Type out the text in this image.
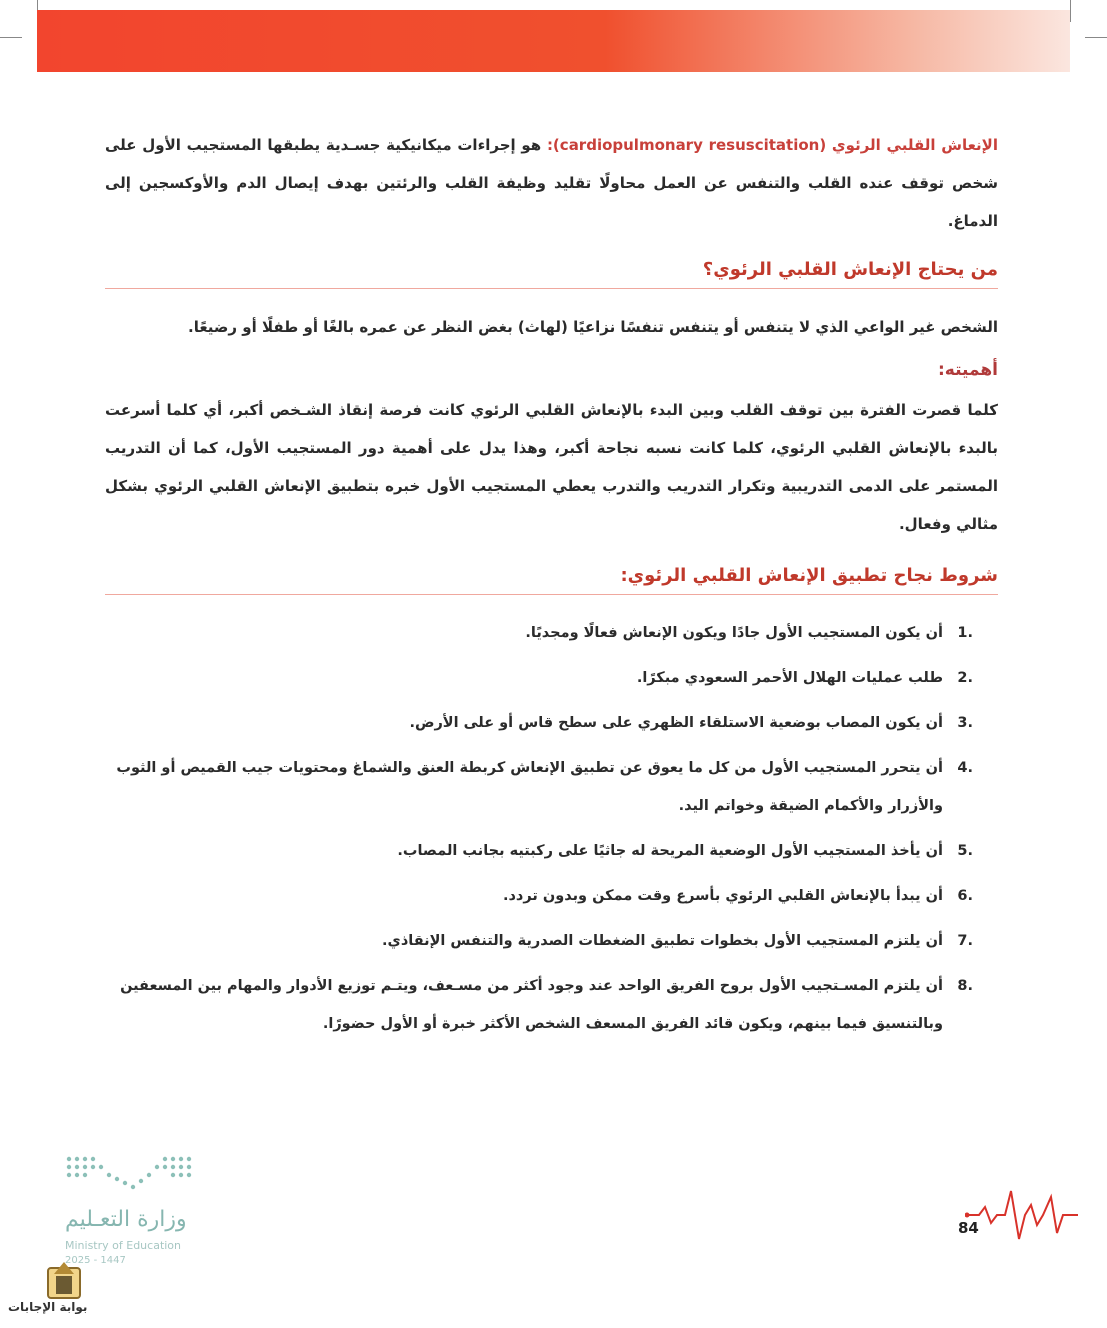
الإنعاش القلبي الرئوي (cardiopulmonary resuscitation): هو إجراءات ميكانيكية جسـدية يطبقها المستجيب الأول على شخص توقف عنده القلب والتنفس عن العمل محاولًا تقليد وظيفة القلب والرئتين بهدف إيصال الدم والأوكسجين إلى الدماغ.

من يحتاج الإنعاش القلبي الرئوي؟

الشخص غير الواعي الذي لا يتنفس أو يتنفس تنفسًا نزاعيًا (لهاث) بغض النظر عن عمره بالغًا أو طفلًا أو رضيعًا.

أهميته:

كلما قصرت الفترة بين توقف القلب وبين البدء بالإنعاش القلبي الرئوي كانت فرصة إنقاذ الشـخص أكبر، أي كلما أسرعت بالبدء بالإنعاش القلبي الرئوي، كلما كانت نسبه نجاحة أكبر، وهذا يدل على أهمية دور المستجيب الأول، كما أن التدريب المستمر على الدمى التدريبية وتكرار التدريب والتدرب يعطي المستجيب الأول خبره بتطبيق الإنعاش القلبي الرئوي بشكل مثالي وفعال.

شروط نجاح تطبيق الإنعاش القلبي الرئوي:
1.
أن يكون المستجيب الأول جادًا ويكون الإنعاش فعالًا ومجديًا.
2.
طلب عمليات الهلال الأحمر السعودي مبكرًا.
3.
أن يكون المصاب بوضعية الاستلقاء الظهري على سطح قاس أو على الأرض.
4.
أن يتحرر المستجيب الأول من كل ما يعوق عن تطبيق الإنعاش كربطة العنق والشماغ ومحتويات جيب القميص أو الثوب والأزرار والأكمام الضيقة وخواتم اليد.
5.
أن يأخذ المستجيب الأول الوضعية المريحة له جاثيًا على ركبتيه بجانب المصاب.
6.
أن يبدأ بالإنعاش القلبي الرئوي بأسرع وقت ممكن وبدون تردد.
7.
أن يلتزم المستجيب الأول بخطوات تطبيق الضغطات الصدرية والتنفس الإنقاذي.
8.
أن يلتزم المسـتجيب الأول بروح الفريق الواحد عند وجود أكثر من مسـعف، ويتـم توزيع الأدوار والمهام بين المسعفين وبالتنسيق فيما بينهم، ويكون قائد الفريق المسعف الشخص الأكثر خبرة أو الأول حضورًا.
وزارة التعـليم
Ministry of Education
2025 - 1447
بوابة الإجابات
84
